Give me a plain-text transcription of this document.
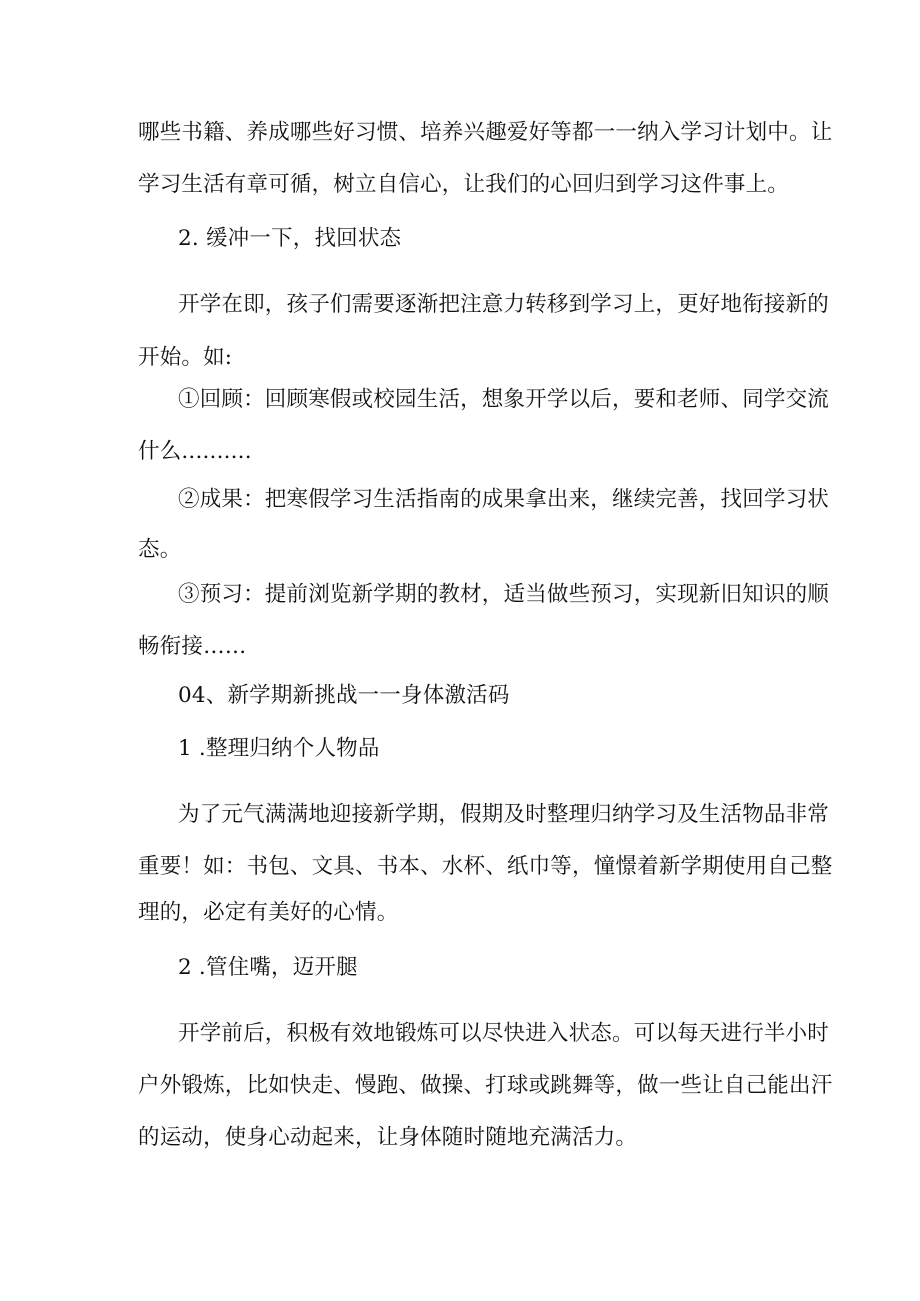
哪些书籍、养成哪些好习惯、培养兴趣爱好等都一一纳入学习计划中。让
学习生活有章可循，树立自信心，让我们的心回归到学习这件事上。
2. 缓冲一下，找回状态
开学在即，孩子们需要逐渐把注意力转移到学习上，更好地衔接新的
开始。如:
①回顾：回顾寒假或校园生活，想象开学以后，要和老师、同学交流
什么..........
②成果：把寒假学习生活指南的成果拿出来，继续完善，找回学习状
态。
③预习：提前浏览新学期的教材，适当做些预习，实现新旧知识的顺
畅衔接……
04、新学期新挑战一一身体激活码
1 .整理归纳个人物品
为了元气满满地迎接新学期，假期及时整理归纳学习及生活物品非常
重要！如：书包、文具、书本、水杯、纸巾等，憧憬着新学期使用自己整
理的，必定有美好的心情。
2 .管住嘴，迈开腿
开学前后，积极有效地锻炼可以尽快进入状态。可以每天进行半小时
户外锻炼，比如快走、慢跑、做操、打球或跳舞等，做一些让自己能出汗
的运动，使身心动起来，让身体随时随地充满活力。
